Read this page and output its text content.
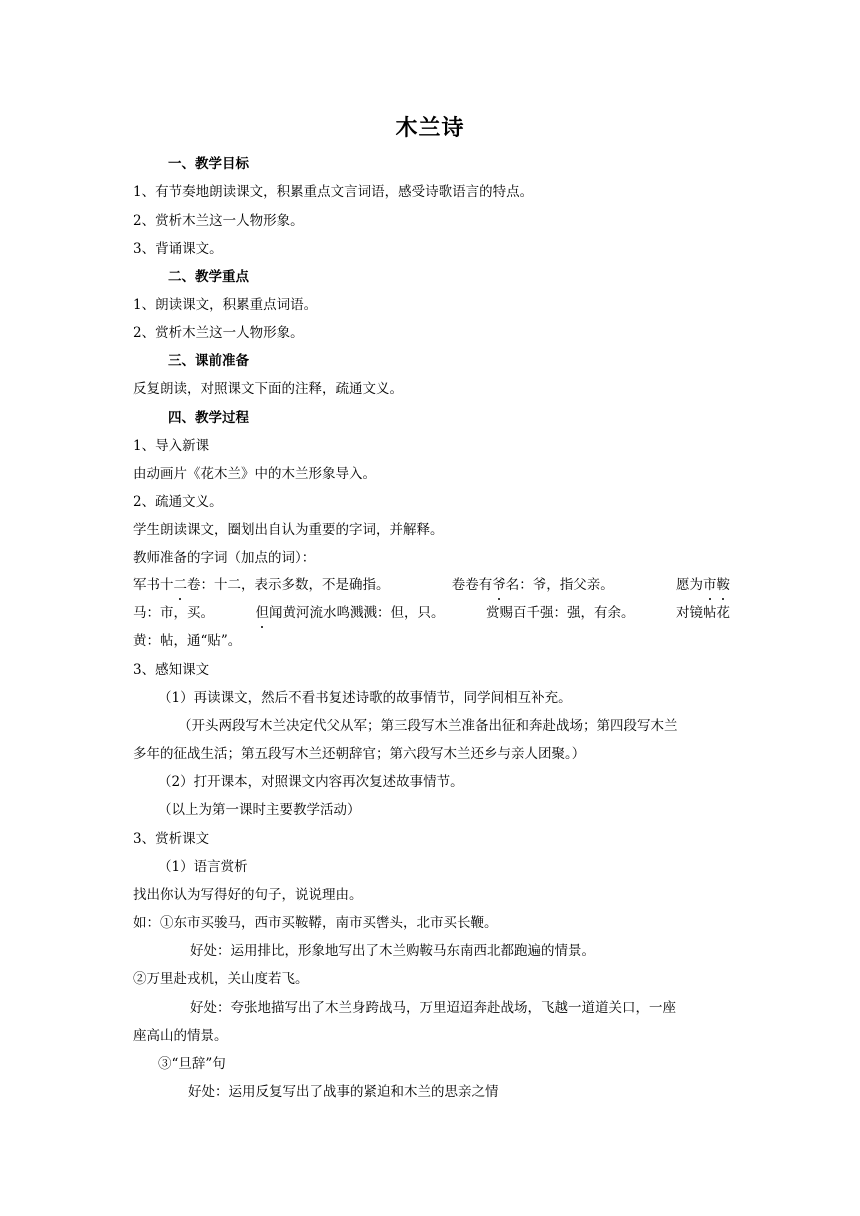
木兰诗
一、教学目标
1、有节奏地朗读课文，积累重点文言词语，感受诗歌语言的特点。
2、赏析木兰这一人物形象。
3、背诵课文。
二、教学重点
1、朗读课文，积累重点词语。
2、赏析木兰这一人物形象。
三、课前准备
反复朗读，对照课文下面的注释，疏通文义。
四、教学过程
1、导入新课
由动画片《花木兰》中的木兰形象导入。
2、疏通文义。
学生朗读课文，圈划出自认为重要的字词，并解释。
教师准备的字词（加点的词）：
军书十二卷：十二，表示多数，不是确指。	卷卷有爷名：爷，指父亲。	愿为市鞍
马：市，买。	但闻黄河流水鸣溅溅：但，只。	赏赐百千强：强，有余。	对镜帖花
黄：帖，通“贴”。
3、感知课文
（1）再读课文，然后不看书复述诗歌的故事情节，同学间相互补充。
（开头两段写木兰决定代父从军；第三段写木兰准备出征和奔赴战场；第四段写木兰
多年的征战生活；第五段写木兰还朝辞官；第六段写木兰还乡与亲人团聚。）
（2）打开课本，对照课文内容再次复述故事情节。
（以上为第一课时主要教学活动）
3、赏析课文
（1）语言赏析
找出你认为写得好的句子，说说理由。
如：①东市买骏马，西市买鞍鞯，南市买辔头，北市买长鞭。
好处：运用排比，形象地写出了木兰购鞍马东南西北都跑遍的情景。
②万里赴戎机，关山度若飞。
好处：夸张地描写出了木兰身跨战马，万里迢迢奔赴战场，飞越一道道关口，一座
座高山的情景。
③“旦辞”句
好处：运用反复写出了战事的紧迫和木兰的思亲之情
